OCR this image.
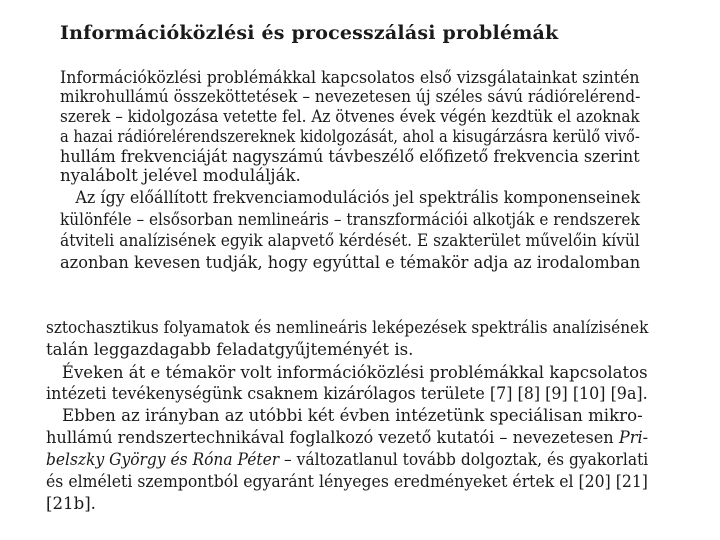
Információközlési és processzálási problémák
Információközlési problémákkal kapcsolatos első vizsgálatainkat szintén
mikrohullámú összeköttetések – nevezetesen új széles sávú rádiórelérend-
szerek – kidolgozása vetette fel. Az ötvenes évek végén kezdtük el azoknak
a hazai rádiórelérendszereknek kidolgozását, ahol a kisugárzásra kerülő vivő-
hullám frekvenciáját nagyszámú távbeszélő előfizető frekvencia szerint
nyalábolt jelével modulálják.
Az így előállított frekvenciamodulációs jel spektrális komponenseinek
különféle – elsősorban nemlineáris – transzformációi alkotják e rendszerek
átviteli analízisének egyik alapvető kérdését. E szakterület művelőin kívül
azonban kevesen tudják, hogy egyúttal e témakör adja az irodalomban
sztochasztikus folyamatok és nemlineáris leképezések spektrális analízisének
talán leggazdagabb feladatgyűjteményét is.
Éveken át e témakör volt információközlési problémákkal kapcsolatos
intézeti tevékenységünk csaknem kizárólagos területe [7] [8] [9] [10] [9a].
Ebben az irányban az utóbbi két évben intézetünk speciálisan mikro-
hullámú rendszertechnikával foglalkozó vezető kutatói – nevezetesen Pri-
belszky György és Róna Péter – változatlanul tovább dolgoztak, és gyakorlati
és elméleti szempontból egyaránt lényeges eredményeket értek el [20] [21]
[21b].
